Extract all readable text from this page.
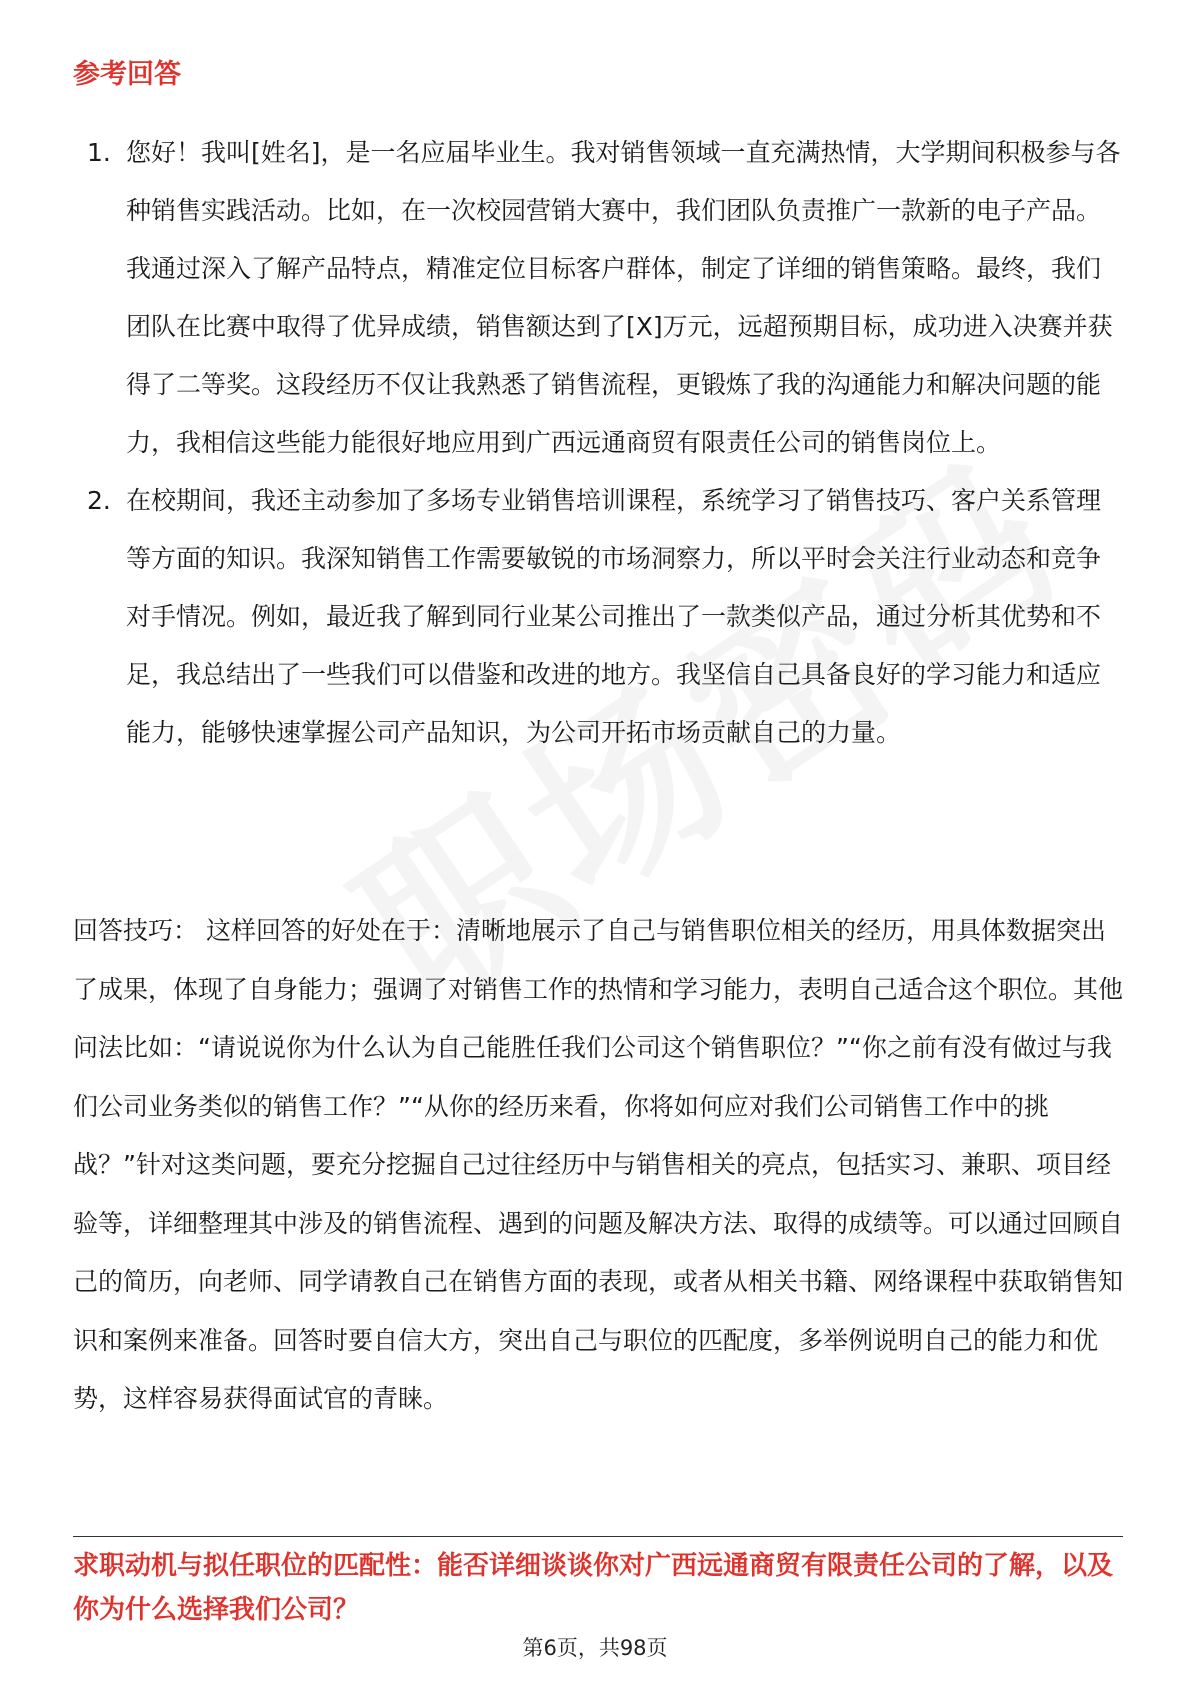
参考回答
1. 您好！我叫[姓名]，是一名应届毕业生。我对销售领域一直充满热情，大学期间积极参与各种销售实践活动。比如，在一次校园营销大赛中，我们团队负责推广一款新的电子产品。我通过深入了解产品特点，精准定位目标客户群体，制定了详细的销售策略。最终，我们团队在比赛中取得了优异成绩，销售额达到了[X]万元，远超预期目标，成功进入决赛并获得了二等奖。这段经历不仅让我熟悉了销售流程，更锻炼了我的沟通能力和解决问题的能力，我相信这些能力能很好地应用到广西远通商贸有限责任公司的销售岗位上。
2. 在校期间，我还主动参加了多场专业销售培训课程，系统学习了销售技巧、客户关系管理等方面的知识。我深知销售工作需要敏锐的市场洞察力，所以平时会关注行业动态和竞争对手情况。例如，最近我了解到同行业某公司推出了一款类似产品，通过分析其优势和不足，我总结出了一些我们可以借鉴和改进的地方。我坚信自己具备良好的学习能力和适应能力，能够快速掌握公司产品知识，为公司开拓市场贡献自己的力量。

回答技巧： 这样回答的好处在于：清晰地展示了自己与销售职位相关的经历，用具体数据突出了成果，体现了自身能力；强调了对销售工作的热情和学习能力，表明自己适合这个职位。其他问法比如：“请说说你为什么认为自己能胜任我们公司这个销售职位？”“你之前有没有做过与我们公司业务类似的销售工作？”“从你的经历来看，你将如何应对我们公司销售工作中的挑战？”针对这类问题，要充分挖掘自己过往经历中与销售相关的亮点，包括实习、兼职、项目经验等，详细整理其中涉及的销售流程、遇到的问题及解决方法、取得的成绩等。可以通过回顾自己的简历，向老师、同学请教自己在销售方面的表现，或者从相关书籍、网络课程中获取销售知识和案例来准备。回答时要自信大方，突出自己与职位的匹配度，多举例说明自己的能力和优势，这样容易获得面试官的青睐。

求职动机与拟任职位的匹配性：能否详细谈谈你对广西远通商贸有限责任公司的了解，以及你为什么选择我们公司？

第6页，共98页
